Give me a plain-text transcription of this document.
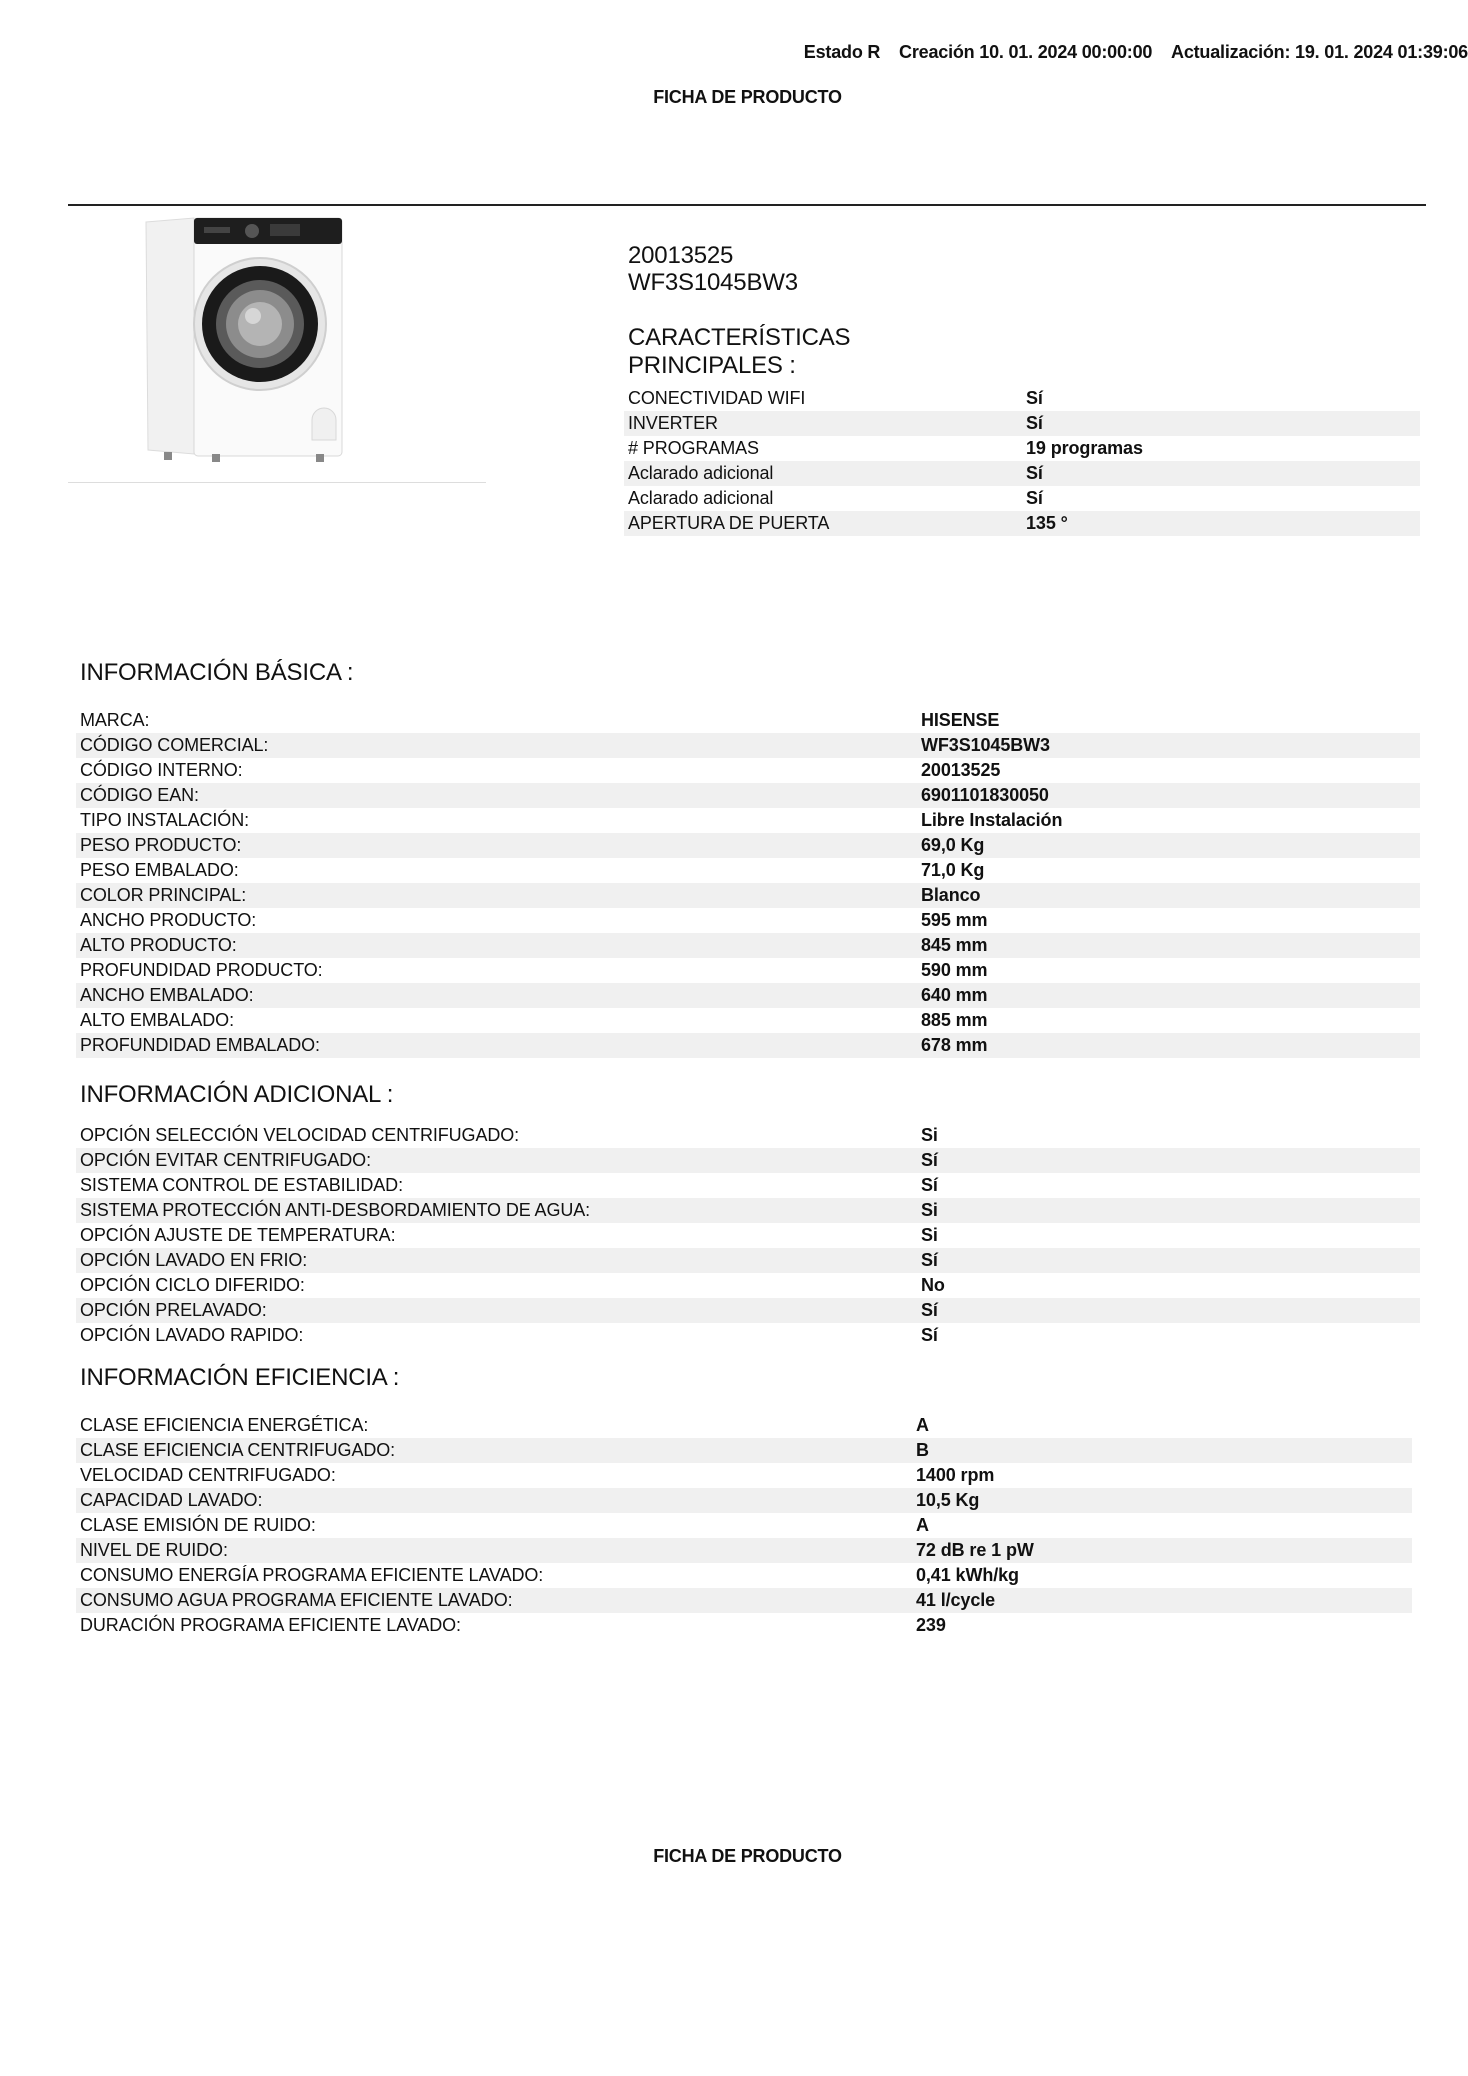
Estado R Creación 10. 01. 2024 00:00:00 Actualización: 19. 01. 2024 01:39:06
FICHA DE PRODUCTO
20013525
WF3S1045BW3
CARACTERÍSTICAS
PRINCIPALES :
CONECTIVIDAD WIFI	Sí
INVERTER	Sí
# PROGRAMAS	19 programas
Aclarado adicional	Sí
Aclarado adicional	Sí
APERTURA DE PUERTA	135 °
INFORMACIÓN BÁSICA :
MARCA:	HISENSE
CÓDIGO COMERCIAL:	WF3S1045BW3
CÓDIGO INTERNO:	20013525
CÓDIGO EAN:	6901101830050
TIPO INSTALACIÓN:	Libre Instalación
PESO PRODUCTO:	69,0 Kg
PESO EMBALADO:	71,0 Kg
COLOR PRINCIPAL:	Blanco
ANCHO PRODUCTO:	595 mm
ALTO PRODUCTO:	845 mm
PROFUNDIDAD PRODUCTO:	590 mm
ANCHO EMBALADO:	640 mm
ALTO EMBALADO:	885 mm
PROFUNDIDAD EMBALADO:	678 mm
INFORMACIÓN ADICIONAL :
OPCIÓN SELECCIÓN VELOCIDAD CENTRIFUGADO:	Si
OPCIÓN EVITAR CENTRIFUGADO:	Sí
SISTEMA CONTROL DE ESTABILIDAD:	Sí
SISTEMA PROTECCIÓN ANTI-DESBORDAMIENTO DE AGUA:	Si
OPCIÓN AJUSTE DE TEMPERATURA:	Si
OPCIÓN LAVADO EN FRIO:	Sí
OPCIÓN CICLO DIFERIDO:	No
OPCIÓN PRELAVADO:	Sí
OPCIÓN LAVADO RAPIDO:	Sí
INFORMACIÓN EFICIENCIA :
CLASE EFICIENCIA ENERGÉTICA:	A
CLASE EFICIENCIA CENTRIFUGADO:	B
VELOCIDAD CENTRIFUGADO:	1400 rpm
CAPACIDAD LAVADO:	10,5 Kg
CLASE EMISIÓN DE RUIDO:	A
NIVEL DE RUIDO:	72 dB re 1 pW
CONSUMO ENERGÍA PROGRAMA EFICIENTE LAVADO:	0,41 kWh/kg
CONSUMO AGUA PROGRAMA EFICIENTE LAVADO:	41 l/cycle
DURACIÓN PROGRAMA EFICIENTE LAVADO:	239
FICHA DE PRODUCTO
